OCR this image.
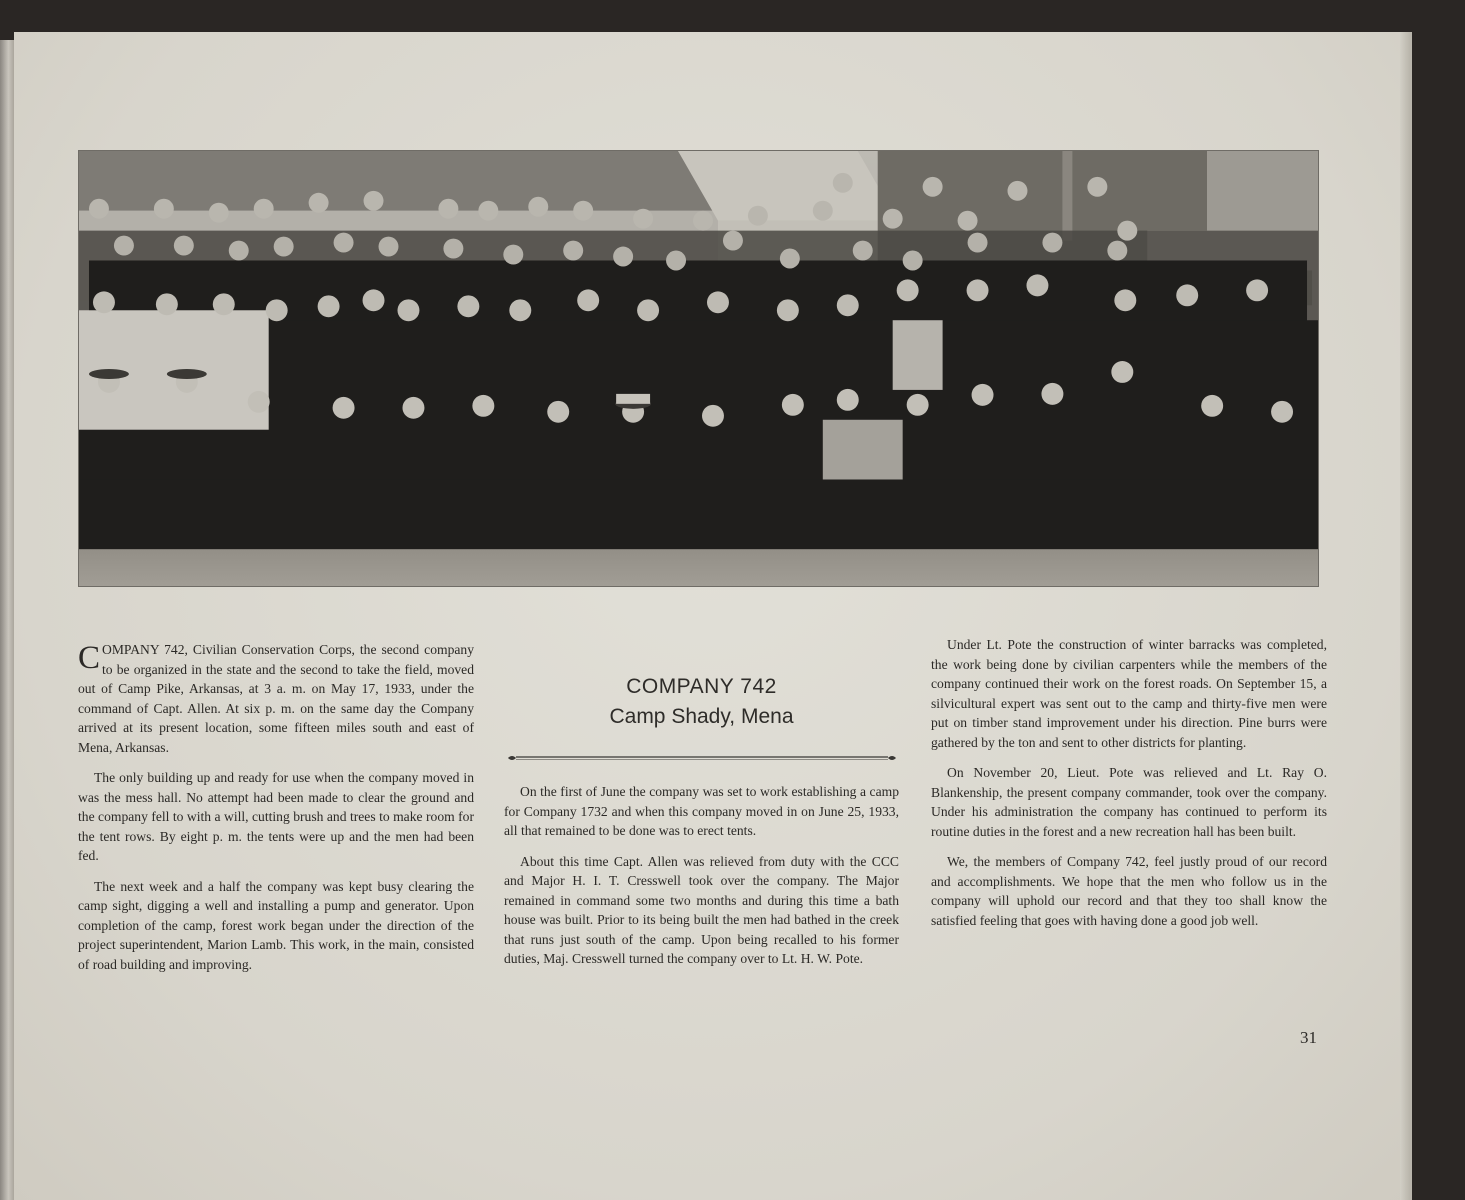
COMPANY 742, Civilian Conservation Corps, the second company to be organized in the state and the second to take the field, moved out of Camp Pike, Arkansas, at 3 a. m. on May 17, 1933, under the command of Capt. Allen. At six p. m. on the same day the Company arrived at its present location, some fifteen miles south and east of Mena, Arkansas.

The only building up and ready for use when the company moved in was the mess hall. No attempt had been made to clear the ground and the company fell to with a will, cutting brush and trees to make room for the tent rows. By eight p. m. the tents were up and the men had been fed.

The next week and a half the company was kept busy clearing the camp sight, digging a well and installing a pump and generator. Upon completion of the camp, forest work began under the direction of the project superintendent, Marion Lamb. This work, in the main, consisted of road building and improving.

COMPANY 742
Camp Shady, Mena

On the first of June the company was set to work establishing a camp for Company 1732 and when this company moved in on June 25, 1933, all that remained to be done was to erect tents.

About this time Capt. Allen was relieved from duty with the CCC and Major H. I. T. Cresswell took over the company. The Major remained in command some two months and during this time a bath house was built. Prior to its being built the men had bathed in the creek that runs just south of the camp. Upon being recalled to his former duties, Maj. Cresswell turned the company over to Lt. H. W. Pote.

Under Lt. Pote the construction of winter barracks was completed, the work being done by civilian carpenters while the members of the company continued their work on the forest roads. On September 15, a silvicultural expert was sent out to the camp and thirty-five men were put on timber stand improvement under his direction. Pine burrs were gathered by the ton and sent to other districts for planting.

On November 20, Lieut. Pote was relieved and Lt. Ray O. Blankenship, the present company commander, took over the company. Under his administration the company has continued to perform its routine duties in the forest and a new recreation hall has been built.

We, the members of Company 742, feel justly proud of our record and accomplishments. We hope that the men who follow us in the company will uphold our record and that they too shall know the satisfied feeling that goes with having done a good job well.

31
